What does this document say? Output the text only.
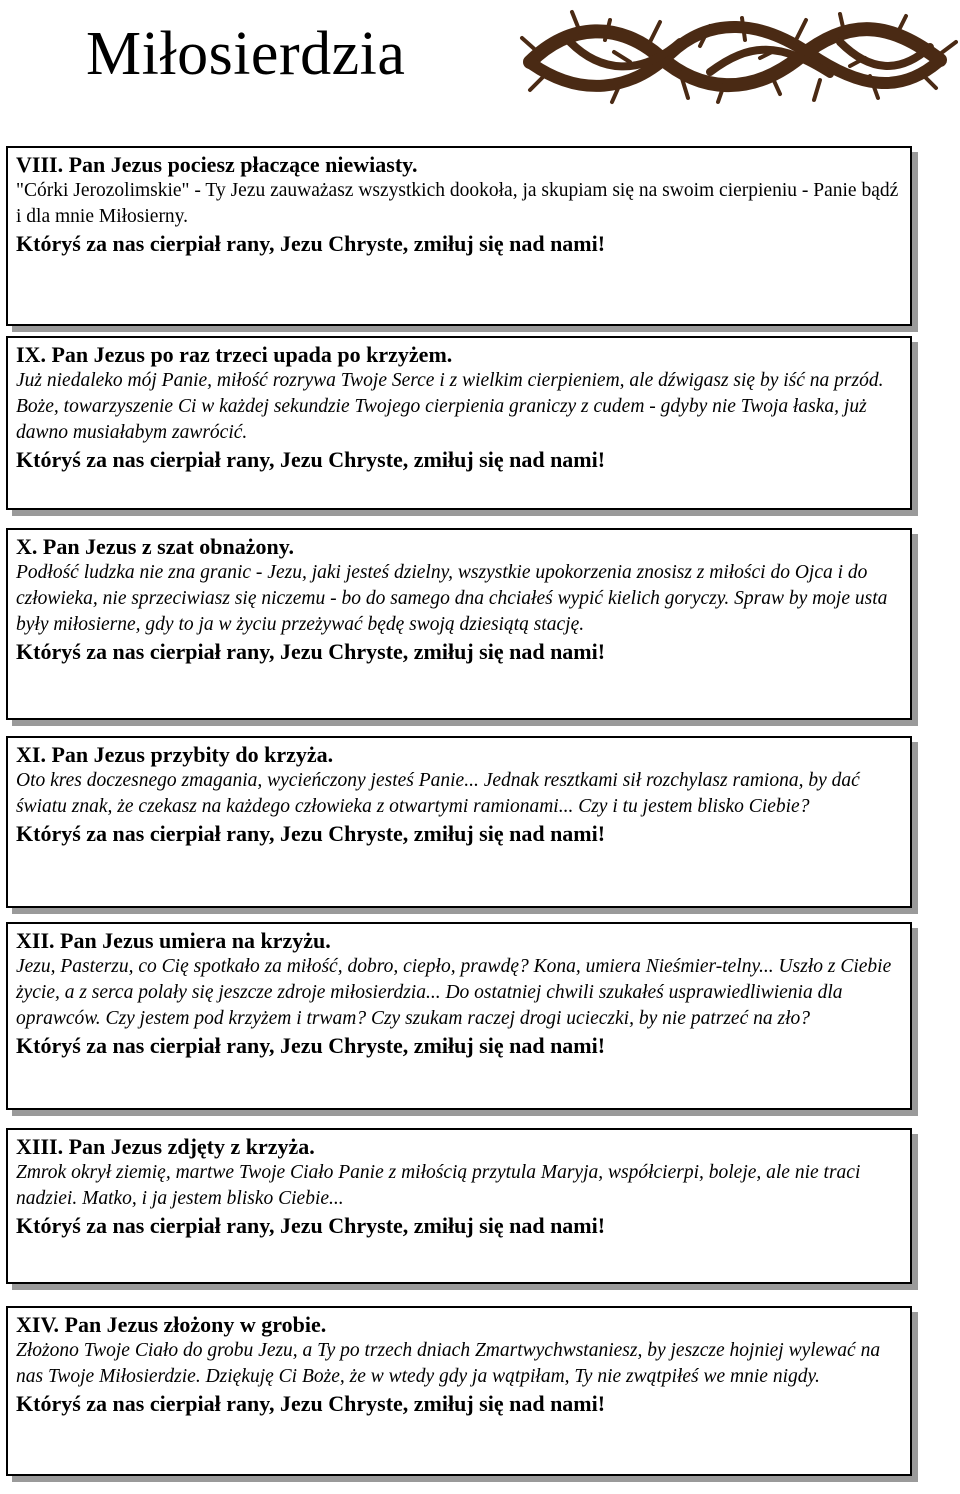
Miłosierdzia
VIII. Pan Jezus pociesz płaczące niewiasty.
"Córki Jerozolimskie" - Ty Jezu zauważasz wszystkich dookoła, ja skupiam się na swoim cierpieniu - Panie bądź i dla mnie Miłosierny.
Któryś za nas cierpiał rany, Jezu Chryste, zmiłuj się nad nami!
IX. Pan Jezus po raz trzeci upada po krzyżem.
Już niedaleko mój Panie, miłość rozrywa Twoje Serce i z wielkim cierpieniem, ale dźwigasz się by iść na przód. Boże, towarzyszenie Ci w każdej sekundzie Twojego cierpienia graniczy z cudem - gdyby nie Twoja łaska, już dawno musiałabym zawrócić.
Któryś za nas cierpiał rany, Jezu Chryste, zmiłuj się nad nami!
X. Pan Jezus z szat obnażony.
Podłość ludzka nie zna granic - Jezu, jaki jesteś dzielny, wszystkie upokorzenia znosisz z miłości do Ojca i do człowieka, nie sprzeciwiasz się niczemu - bo do samego dna chciałeś wypić kielich goryczy. Spraw by moje usta były miłosierne, gdy to ja w życiu przeżywać będę swoją dziesiątą stację.
Któryś za nas cierpiał rany, Jezu Chryste, zmiłuj się nad nami!
XI. Pan Jezus przybity do krzyża.
Oto kres doczesnego zmagania, wycieńczony jesteś Panie... Jednak resztkami sił rozchylasz ramiona, by dać światu znak, że czekasz na każdego człowieka z otwartymi ramionami... Czy i tu jestem blisko Ciebie?
Któryś za nas cierpiał rany, Jezu Chryste, zmiłuj się nad nami!
XII. Pan Jezus umiera na krzyżu.
Jezu, Pasterzu, co Cię spotkało za miłość, dobro, ciepło, prawdę? Kona, umiera Nieśmier-telny... Uszło z Ciebie życie, a z serca polały się jeszcze zdroje miłosierdzia... Do ostatniej chwili szukałeś usprawiedliwienia dla oprawców. Czy jestem pod krzyżem i trwam? Czy szukam raczej drogi ucieczki, by nie patrzeć na zło?
Któryś za nas cierpiał rany, Jezu Chryste, zmiłuj się nad nami!
XIII. Pan Jezus zdjęty z krzyża.
Zmrok okrył ziemię, martwe Twoje Ciało Panie z miłością przytula Maryja, współcierpi, boleje, ale nie traci nadziei. Matko, i ja jestem blisko Ciebie...
Któryś za nas cierpiał rany, Jezu Chryste, zmiłuj się nad nami!
XIV. Pan Jezus złożony w grobie.
Złożono Twoje Ciało do grobu Jezu, a Ty po trzech dniach Zmartwychwstaniesz, by jeszcze hojniej wylewać na nas Twoje Miłosierdzie. Dziękuję Ci Boże, że w wtedy gdy ja wątpiłam, Ty nie zwątpiłeś we mnie nigdy.
Któryś za nas cierpiał rany, Jezu Chryste, zmiłuj się nad nami!
